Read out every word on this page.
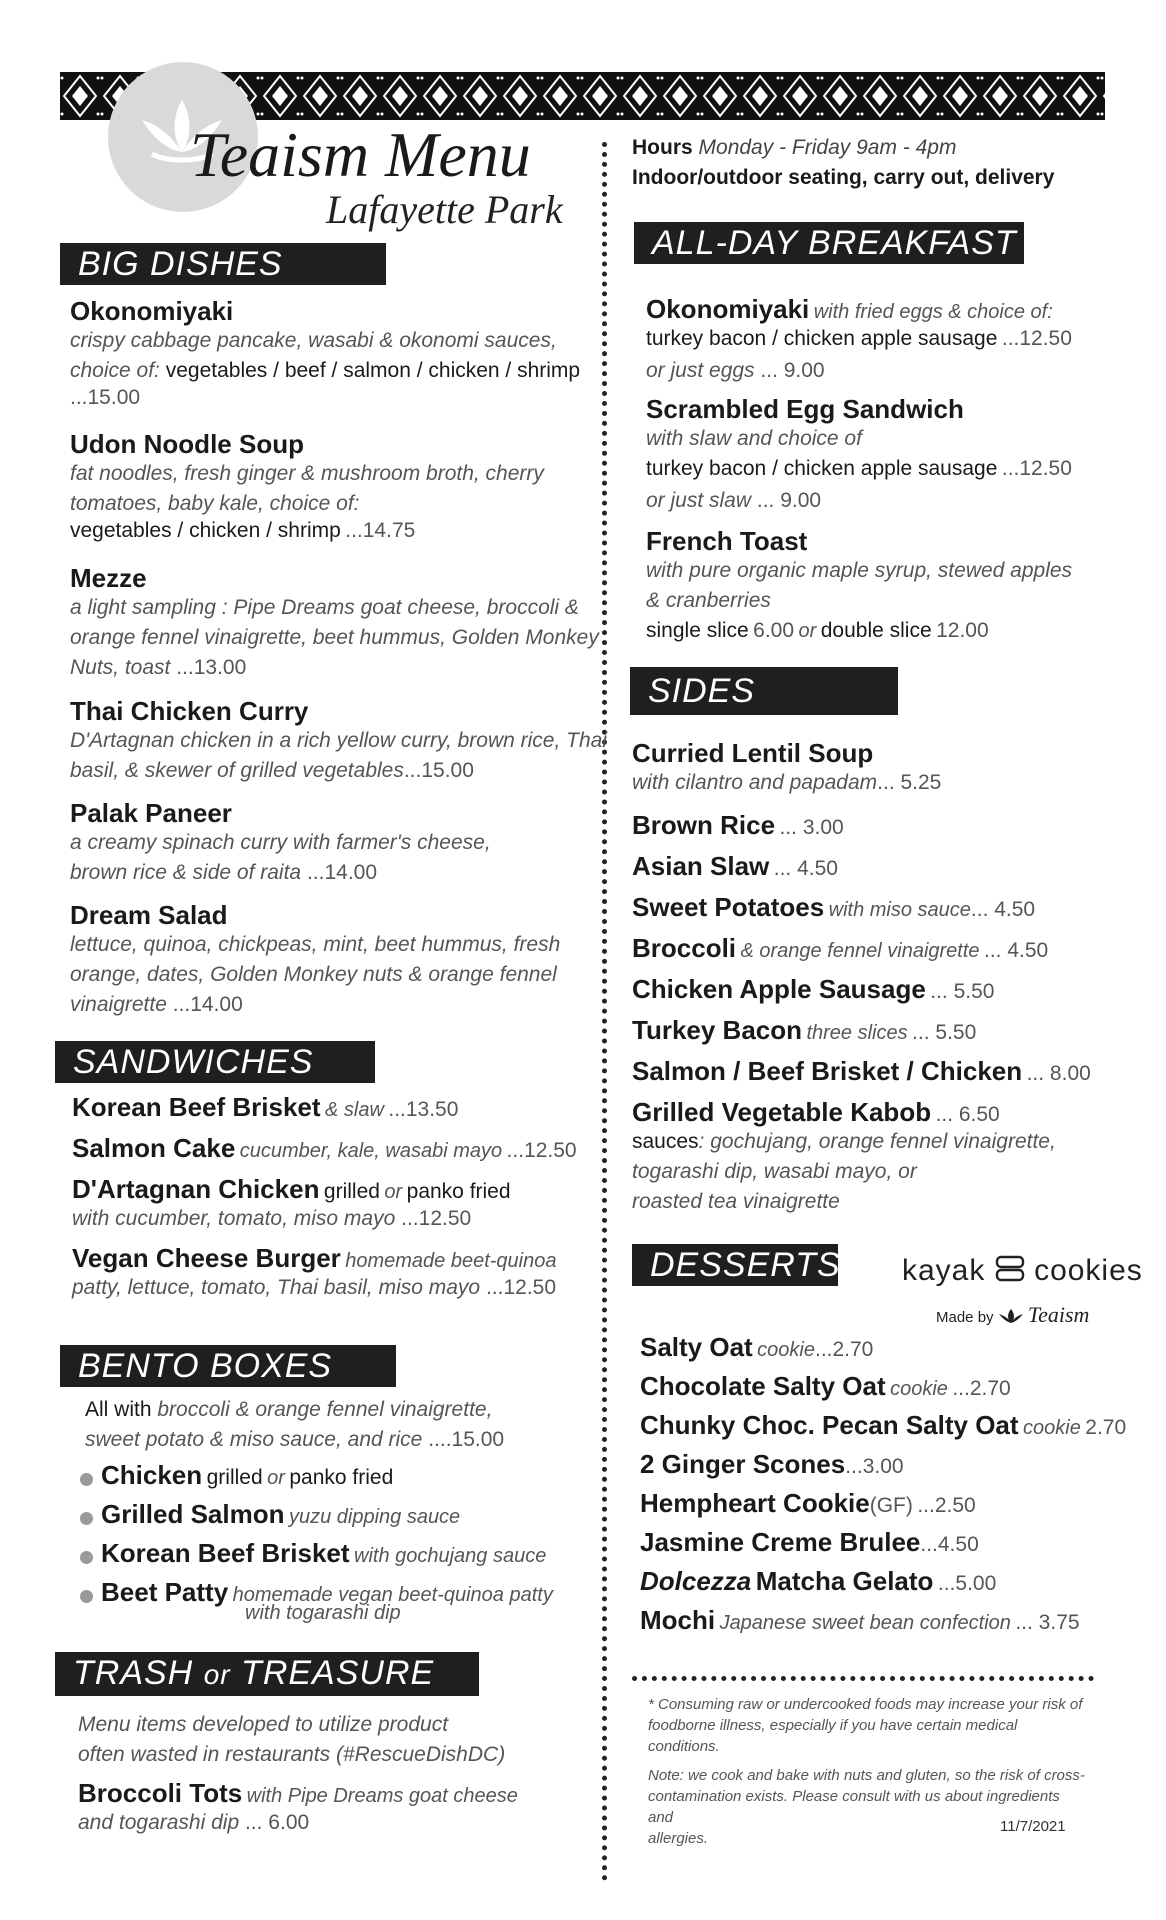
Teaism Menu
Lafayette Park
BIG DISHES
Okonomiyaki
crispy cabbage pancake, wasabi & okonomi sauces,
choice of: vegetables / beef / salmon / chicken / shrimp
...15.00
Udon Noodle Soup
fat noodles, fresh ginger & mushroom broth, cherry
tomatoes, baby kale, choice of:
vegetables / chicken / shrimp ...14.75
Mezze
a light sampling : Pipe Dreams goat cheese, broccoli &
orange fennel vinaigrette, beet hummus, Golden Monkey
Nuts, toast ...13.00
Thai Chicken Curry
D'Artagnan chicken in a rich yellow curry, brown rice, Thai
basil, & skewer of grilled vegetables...15.00
Palak Paneer
a creamy spinach curry with farmer's cheese,
brown rice & side of raita ...14.00
Dream Salad
lettuce, quinoa, chickpeas, mint, beet hummus, fresh
orange, dates, Golden Monkey nuts & orange fennel
vinaigrette ...14.00
SANDWICHES
Korean Beef Brisket & slaw ...13.50
Salmon Cake cucumber, kale, wasabi mayo ...12.50
D'Artagnan Chicken grilled or panko fried
with cucumber, tomato, miso mayo ...12.50
Vegan Cheese Burger homemade beet-quinoa
patty, lettuce, tomato, Thai basil, miso mayo ...12.50
BENTO BOXES
All with broccoli & orange fennel vinaigrette,
sweet potato & miso sauce, and rice ....15.00
Chicken grilled or panko fried
Grilled Salmon yuzu dipping sauce
Korean Beef Brisket with gochujang sauce
Beet Patty homemade vegan beet-quinoa patty
with togarashi dip
TRASH or TREASURE
Menu items developed to utilize product
often wasted in restaurants (#RescueDishDC)
Broccoli Tots with Pipe Dreams goat cheese
and togarashi dip ... 6.00
Hours Monday - Friday 9am - 4pm
Indoor/outdoor seating, carry out, delivery
ALL-DAY BREAKFAST
Okonomiyaki with fried eggs & choice of:
turkey bacon / chicken apple sausage ...12.50
or just eggs ... 9.00
Scrambled Egg Sandwich
with slaw and choice of
turkey bacon / chicken apple sausage ...12.50
or just slaw ... 9.00
French Toast
with pure organic maple syrup, stewed apples
& cranberries
single slice 6.00 or double slice 12.00
SIDES
Curried Lentil Soup
with cilantro and papadam... 5.25
Brown Rice ... 3.00
Asian Slaw ... 4.50
Sweet Potatoes with miso sauce... 4.50
Broccoli & orange fennel vinaigrette ... 4.50
Chicken Apple Sausage ... 5.50
Turkey Bacon three slices ... 5.50
Salmon / Beef Brisket / Chicken ... 8.00
Grilled Vegetable Kabob ... 6.50
sauces: gochujang, orange fennel vinaigrette,
togarashi dip, wasabi mayo, or
roasted tea vinaigrette
DESSERTS kayak cookies
Made by Teaism
Salty Oat cookie...2.70
Chocolate Salty Oat cookie ...2.70
Chunky Choc. Pecan Salty Oat cookie 2.70
2 Ginger Scones...3.00
Hempheart Cookie(GF) ...2.50
Jasmine Creme Brulee...4.50
Dolcezza Matcha Gelato ...5.00
Mochi Japanese sweet bean confection ... 3.75
* Consuming raw or undercooked foods may increase your risk of
foodborne illness, especially if you have certain medical conditions.
Note: we cook and bake with nuts and gluten, so the risk of cross-
contamination exists. Please consult with us about ingredients and
allergies.
11/7/2021
